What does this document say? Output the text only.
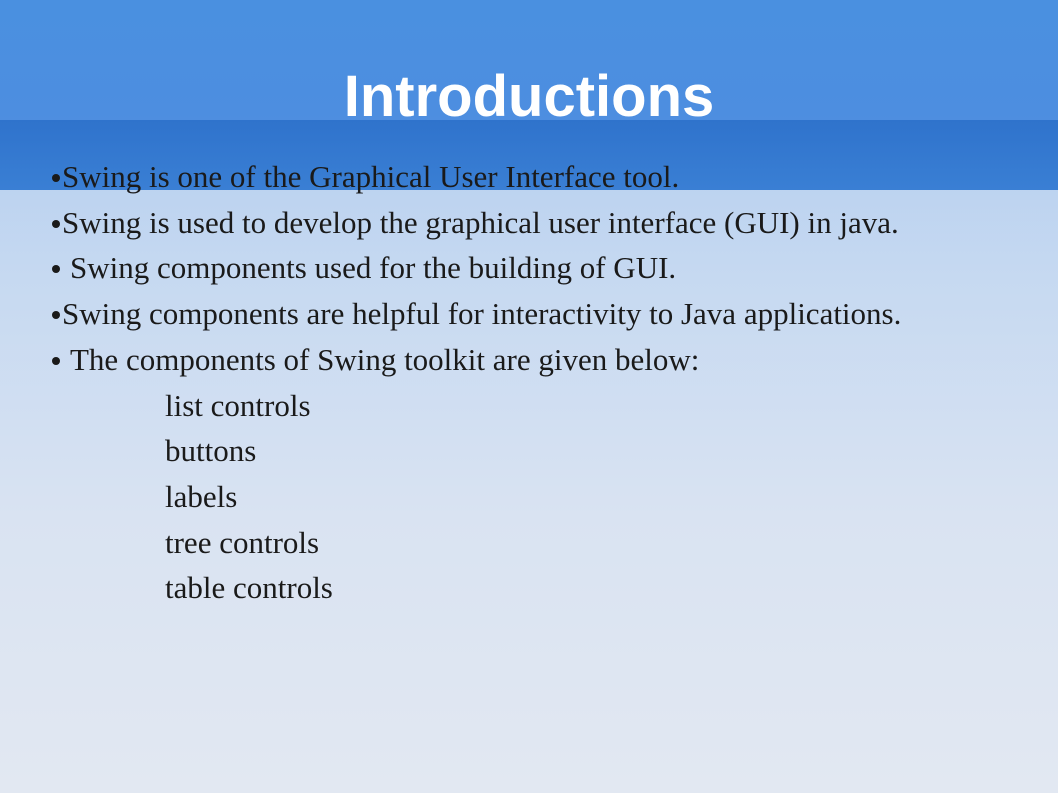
Introductions

Swing is one of the Graphical User Interface tool.

Swing is used to develop the graphical user interface (GUI) in java.

Swing components used for the building of GUI.

Swing components are helpful for interactivity to Java applications.

The components of Swing toolkit are given below:

list controls

buttons

labels

tree controls

table controls
